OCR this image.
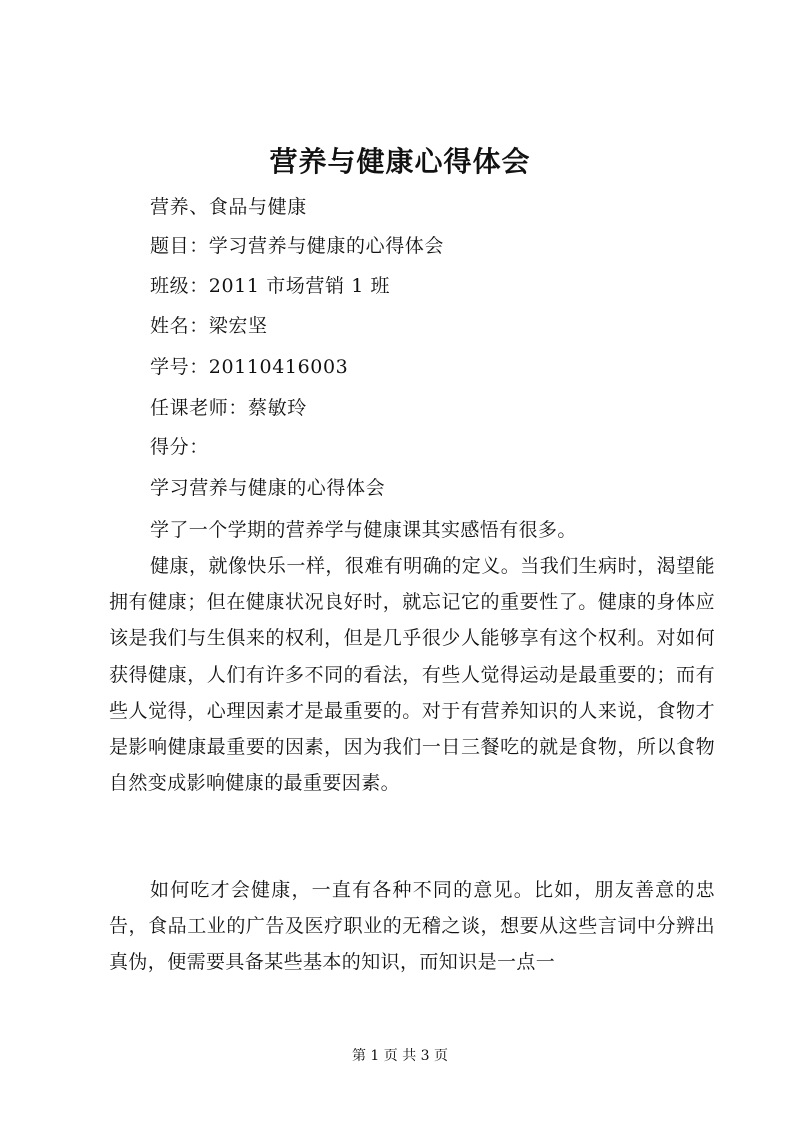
营养与健康心得体会
营养、食品与健康
题目：学习营养与健康的心得体会
班级：2011 市场营销 1 班
姓名：梁宏坚
学号：20110416003
任课老师：蔡敏玲
得分：
学习营养与健康的心得体会
学了一个学期的营养学与健康课其实感悟有很多。
健康，就像快乐一样，很难有明确的定义。当我们生病时，渴望能拥有健康；但在健康状况良好时，就忘记它的重要性了。健康的身体应该是我们与生俱来的权利，但是几乎很少人能够享有这个权利。对如何获得健康，人们有许多不同的看法，有些人觉得运动是最重要的；而有些人觉得，心理因素才是最重要的。对于有营养知识的人来说，食物才是影响健康最重要的因素，因为我们一日三餐吃的就是食物，所以食物自然变成影响健康的最重要因素。
如何吃才会健康，一直有各种不同的意见。比如，朋友善意的忠告，食品工业的广告及医疗职业的无稽之谈，想要从这些言词中分辨出真伪，便需要具备某些基本的知识，而知识是一点一
第 1 页 共 3 页
